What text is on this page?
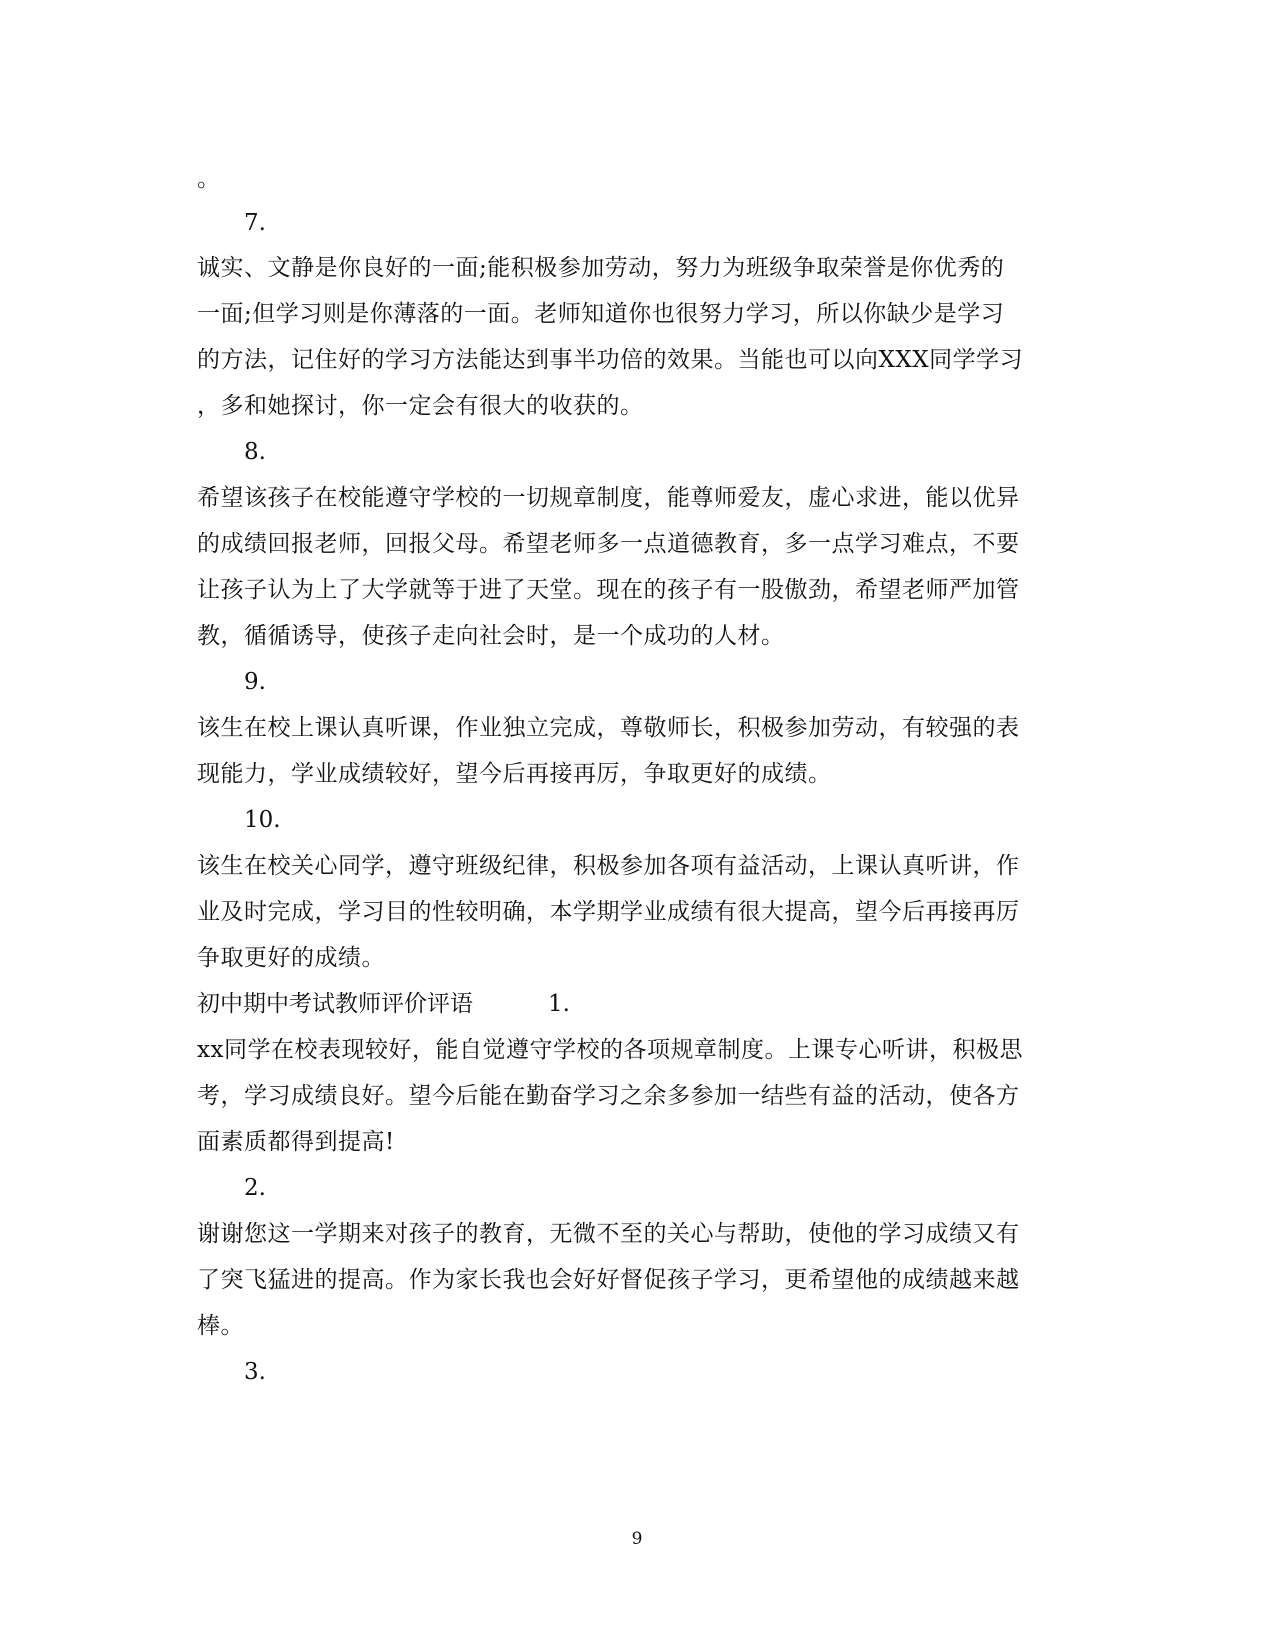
。
7.
诚实、文静是你良好的一面;能积极参加劳动，努力为班级争取荣誉是你优秀的
一面;但学习则是你薄落的一面。老师知道你也很努力学习，所以你缺少是学习
的方法，记住好的学习方法能达到事半功倍的效果。当能也可以向XXX同学学习
，多和她探讨，你一定会有很大的收获的。
8.
希望该孩子在校能遵守学校的一切规章制度，能尊师爱友，虚心求进，能以优异
的成绩回报老师，回报父母。希望老师多一点道德教育，多一点学习难点，不要
让孩子认为上了大学就等于进了天堂。现在的孩子有一股傲劲，希望老师严加管
教，循循诱导，使孩子走向社会时，是一个成功的人材。
9.
该生在校上课认真听课，作业独立完成，尊敬师长，积极参加劳动，有较强的表
现能力，学业成绩较好，望今后再接再厉，争取更好的成绩。
10.
该生在校关心同学，遵守班级纪律，积极参加各项有益活动，上课认真听讲，作
业及时完成，学习目的性较明确，本学期学业成绩有很大提高，望今后再接再厉
争取更好的成绩。
初中期中考试教师评价评语	1.
xx同学在校表现较好，能自觉遵守学校的各项规章制度。上课专心听讲，积极思
考，学习成绩良好。望今后能在勤奋学习之余多参加一结些有益的活动，使各方
面素质都得到提高!
2.
谢谢您这一学期来对孩子的教育，无微不至的关心与帮助，使他的学习成绩又有
了突飞猛进的提高。作为家长我也会好好督促孩子学习，更希望他的成绩越来越
棒。
3.
9
